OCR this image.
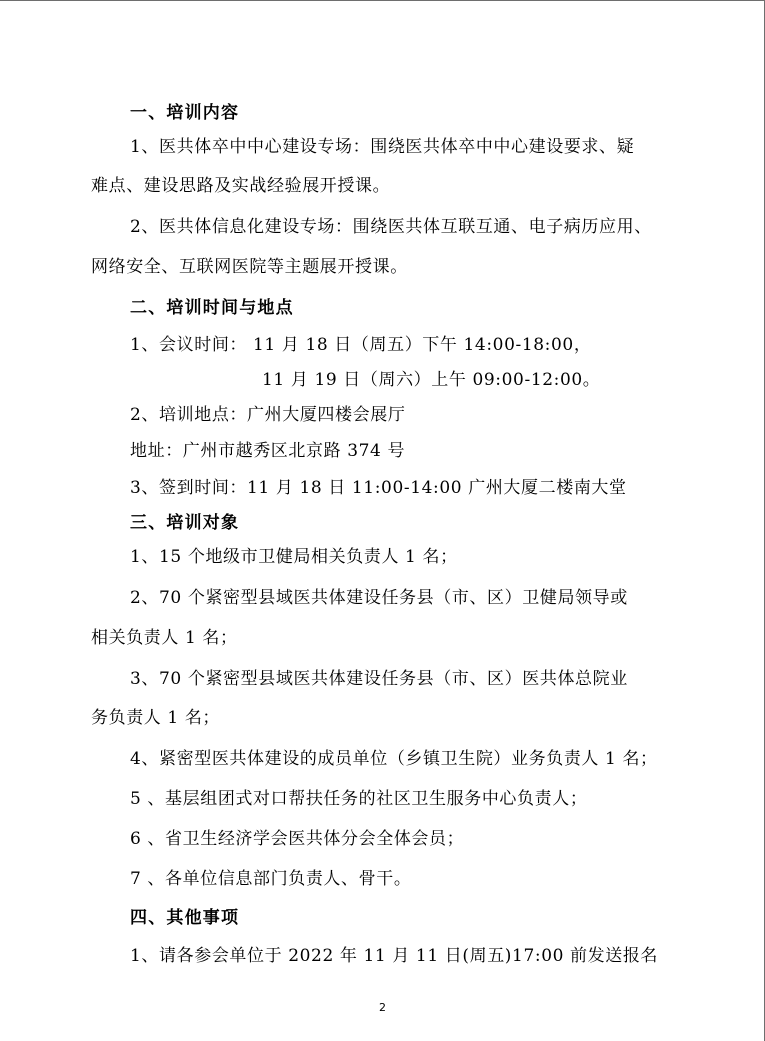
一、培训内容
1、医共体卒中中心建设专场：围绕医共体卒中中心建设要求、疑
难点、建设思路及实战经验展开授课。
2、医共体信息化建设专场：围绕医共体互联互通、电子病历应用、
网络安全、互联网医院等主题展开授课。
二、培训时间与地点
1、会议时间： 11 月 18 日（周五）下午 14:00-18:00，
11 月 19 日（周六）上午 09:00-12:00。
2、培训地点：广州大厦四楼会展厅
地址：广州市越秀区北京路 374 号
3、签到时间：11 月 18 日 11:00-14:00 广州大厦二楼南大堂
三、培训对象
1、15 个地级市卫健局相关负责人 1 名；
2、70 个紧密型县域医共体建设任务县（市、区）卫健局领导或
相关负责人 1 名；
3、70 个紧密型县域医共体建设任务县（市、区）医共体总院业
务负责人 1 名；
4、紧密型医共体建设的成员单位（乡镇卫生院）业务负责人 1 名；
5 、基层组团式对口帮扶任务的社区卫生服务中心负责人；
6 、省卫生经济学会医共体分会全体会员；
7 、各单位信息部门负责人、骨干。
四、其他事项
1、请各参会单位于 2022 年 11 月 11 日(周五)17:00 前发送报名
2
